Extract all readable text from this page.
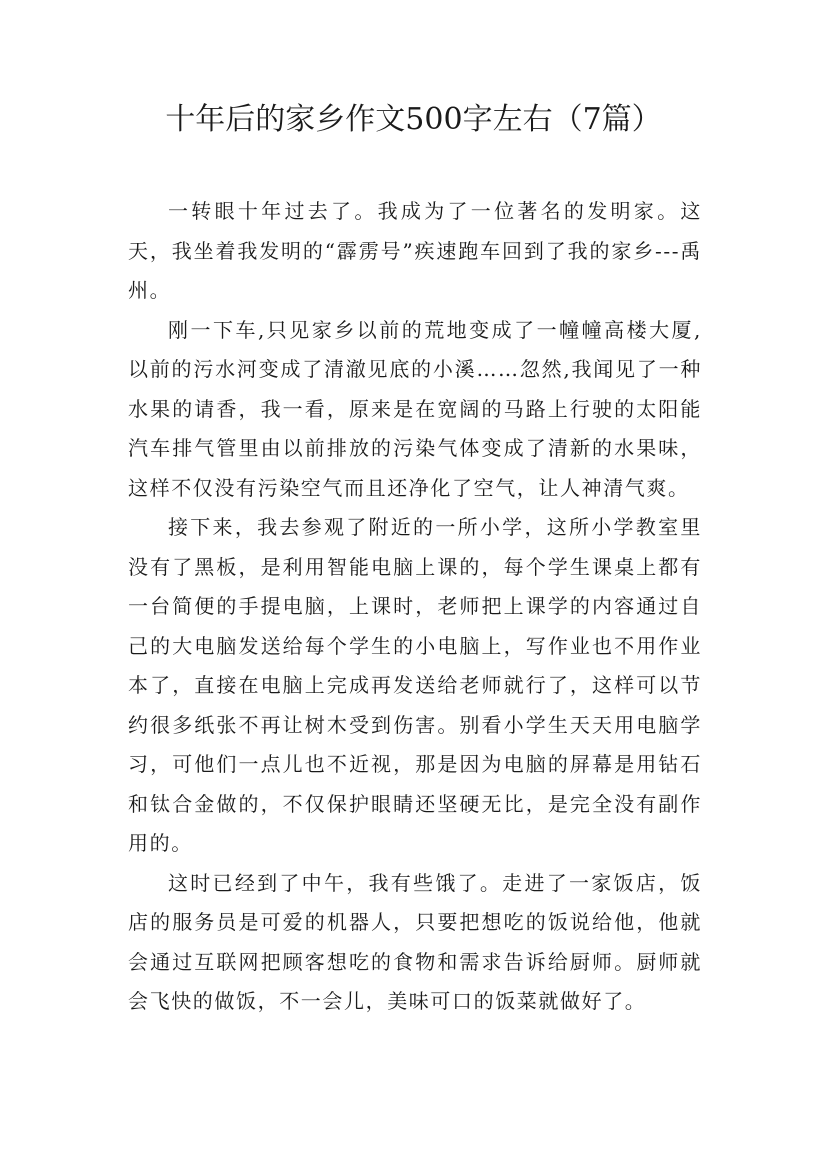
十年后的家乡作文500字左右（7篇）

一转眼十年过去了。我成为了一位著名的发明家。这天，我坐着我发明的“霹雳号”疾速跑车回到了我的家乡---禹州。

刚一下车,只见家乡以前的荒地变成了一幢幢高楼大厦,以前的污水河变成了清澈见底的小溪……忽然,我闻见了一种水果的请香，我一看，原来是在宽阔的马路上行驶的太阳能汽车排气管里由以前排放的污染气体变成了清新的水果味，这样不仅没有污染空气而且还净化了空气，让人神清气爽。

接下来，我去参观了附近的一所小学，这所小学教室里没有了黑板，是利用智能电脑上课的，每个学生课桌上都有一台简便的手提电脑，上课时，老师把上课学的内容通过自己的大电脑发送给每个学生的小电脑上，写作业也不用作业本了，直接在电脑上完成再发送给老师就行了，这样可以节约很多纸张不再让树木受到伤害。别看小学生天天用电脑学习，可他们一点儿也不近视，那是因为电脑的屏幕是用钻石和钛合金做的，不仅保护眼睛还坚硬无比，是完全没有副作用的。

这时已经到了中午，我有些饿了。走进了一家饭店，饭店的服务员是可爱的机器人，只要把想吃的饭说给他，他就会通过互联网把顾客想吃的食物和需求告诉给厨师。厨师就会飞快的做饭，不一会儿，美味可口的饭菜就做好了。
